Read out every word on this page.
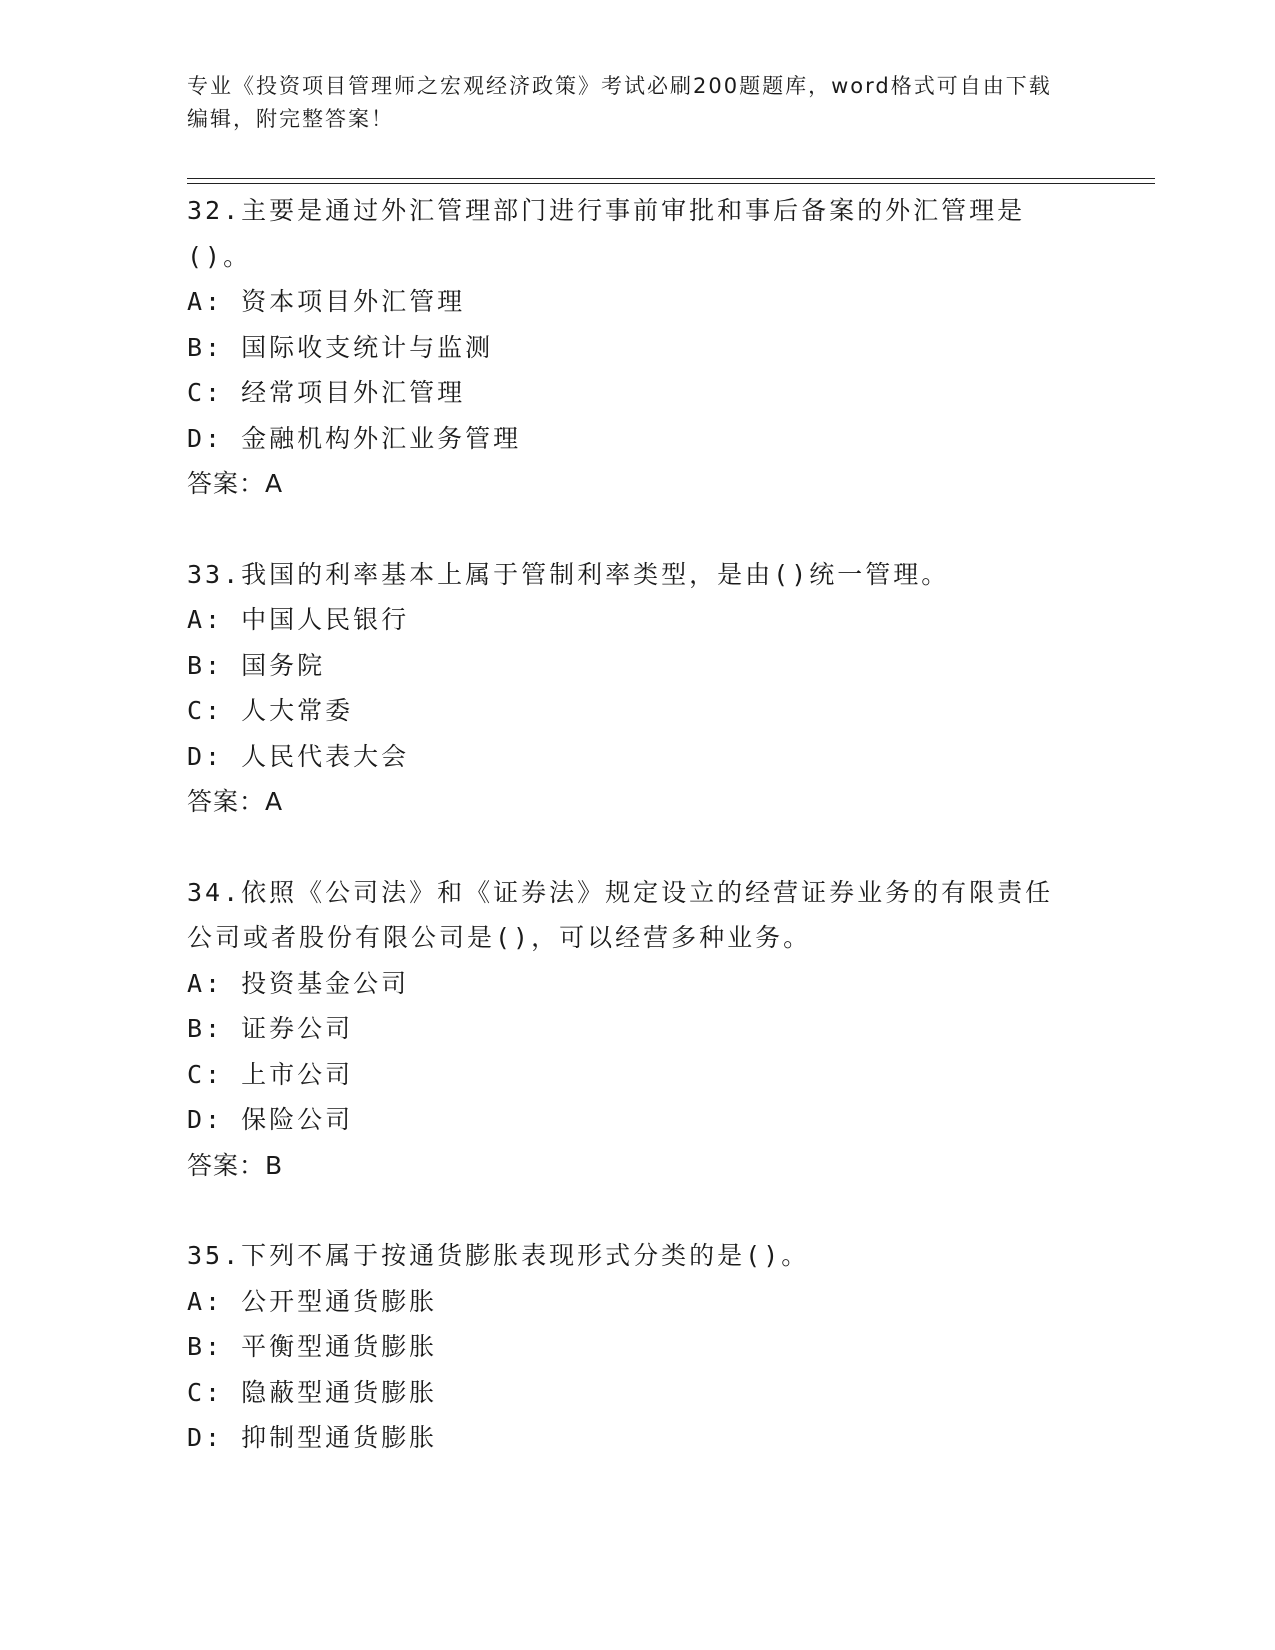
专业《投资项目管理师之宏观经济政策》考试必刷200题题库，word格式可自由下载编辑，附完整答案！

32.主要是通过外汇管理部门进行事前审批和事后备案的外汇管理是()。

A: 资本项目外汇管理

B: 国际收支统计与监测

C: 经常项目外汇管理

D: 金融机构外汇业务管理

答案：A

33.我国的利率基本上属于管制利率类型，是由()统一管理。

A: 中国人民银行

B: 国务院

C: 人大常委

D: 人民代表大会

答案：A

34.依照《公司法》和《证券法》规定设立的经营证券业务的有限责任公司或者股份有限公司是()，可以经营多种业务。

A: 投资基金公司

B: 证券公司

C: 上市公司

D: 保险公司

答案：B

35.下列不属于按通货膨胀表现形式分类的是()。

A: 公开型通货膨胀

B: 平衡型通货膨胀

C: 隐蔽型通货膨胀

D: 抑制型通货膨胀
